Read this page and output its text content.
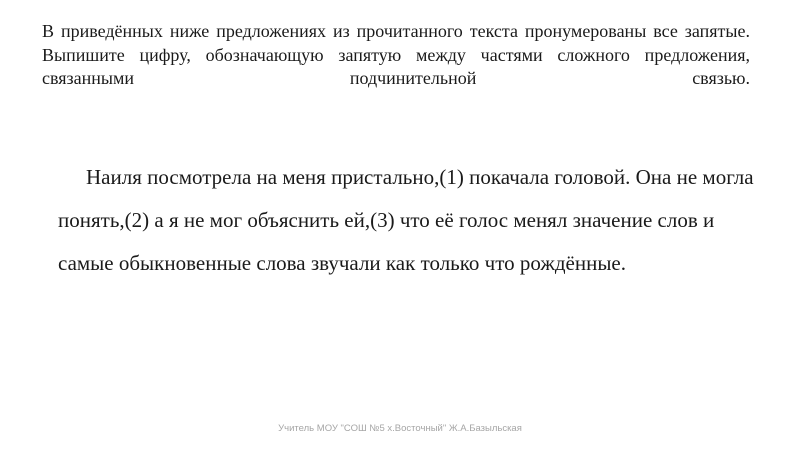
В приведённых ниже предложениях из прочитанного текста пронумерованы все запятые. Выпишите цифру, обозначающую запятую между частями сложного предложения, связанными подчинительной связью.

Наиля посмотрела на меня пристально,(1) покачала головой. Она не могла понять,(2) а я не мог объяснить ей,(3) что её голос менял значение слов и самые обыкновенные слова звучали как только что рождённые.

Учитель МОУ "СОШ №5 х.Восточный" Ж.А.Базыльская
